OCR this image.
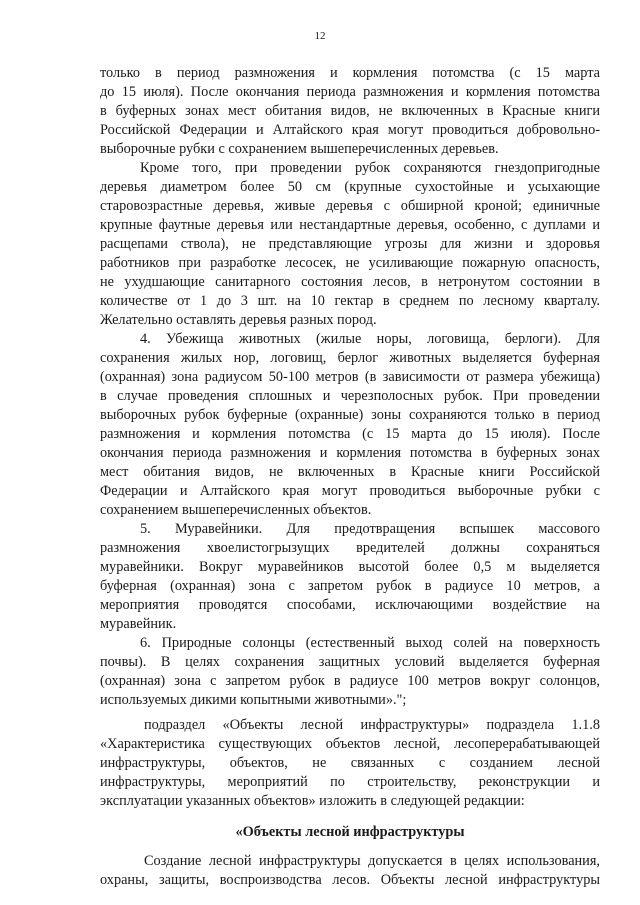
12
только в период размножения и кормления потомства (с 15 марта
до 15 июля). После окончания периода размножения и кормления потомства
в буферных зонах мест обитания видов, не включенных в Красные книги
Российской Федерации и Алтайского края могут проводиться добровольно-
выборочные рубки с сохранением вышеперечисленных деревьев.
Кроме того, при проведении рубок сохраняются гнездопригодные
деревья диаметром более 50 см (крупные сухостойные и усыхающие
старовозрастные деревья, живые деревья с обширной кроной; единичные
крупные фаутные деревья или нестандартные деревья, особенно, с дуплами и
расщепами ствола), не представляющие угрозы для жизни и здоровья
работников при разработке лесосек, не усиливающие пожарную опасность,
не ухудшающие санитарного состояния лесов, в нетронутом состоянии в
количестве от 1 до 3 шт. на 10 гектар в среднем по лесному кварталу.
Желательно оставлять деревья разных пород.
4. Убежища животных (жилые норы, логовища, берлоги). Для
сохранения жилых нор, логовищ, берлог животных выделяется буферная
(охранная) зона радиусом 50-100 метров (в зависимости от размера убежища)
в случае проведения сплошных и черезполосных рубок. При проведении
выборочных рубок буферные (охранные) зоны сохраняются только в период
размножения и кормления потомства (с 15 марта до 15 июля). После
окончания периода размножения и кормления потомства в буферных зонах
мест обитания видов, не включенных в Красные книги Российской
Федерации и Алтайского края могут проводиться выборочные рубки с
сохранением вышеперечисленных объектов.
5. Муравейники. Для предотвращения вспышек массового
размножения хвоелистогрызущих вредителей должны сохраняться
муравейники. Вокруг муравейников высотой более 0,5 м выделяется
буферная (охранная) зона с запретом рубок в радиусе 10 метров, а
мероприятия проводятся способами, исключающими воздействие на
муравейник.
6. Природные солонцы (естественный выход солей на поверхность
почвы). В целях сохранения защитных условий выделяется буферная
(охранная) зона с запретом рубок в радиусе 100 метров вокруг солонцов,
используемых дикими копытными животными».";
подраздел «Объекты лесной инфраструктуры» подраздела 1.1.8
«Характеристика существующих объектов лесной, лесоперерабатывающей
инфраструктуры, объектов, не связанных с созданием лесной
инфраструктуры, мероприятий по строительству, реконструкции и
эксплуатации указанных объектов» изложить в следующей редакции:
«Объекты лесной инфраструктуры
Создание лесной инфраструктуры допускается в целях использования,
охраны, защиты, воспроизводства лесов. Объекты лесной инфраструктуры
